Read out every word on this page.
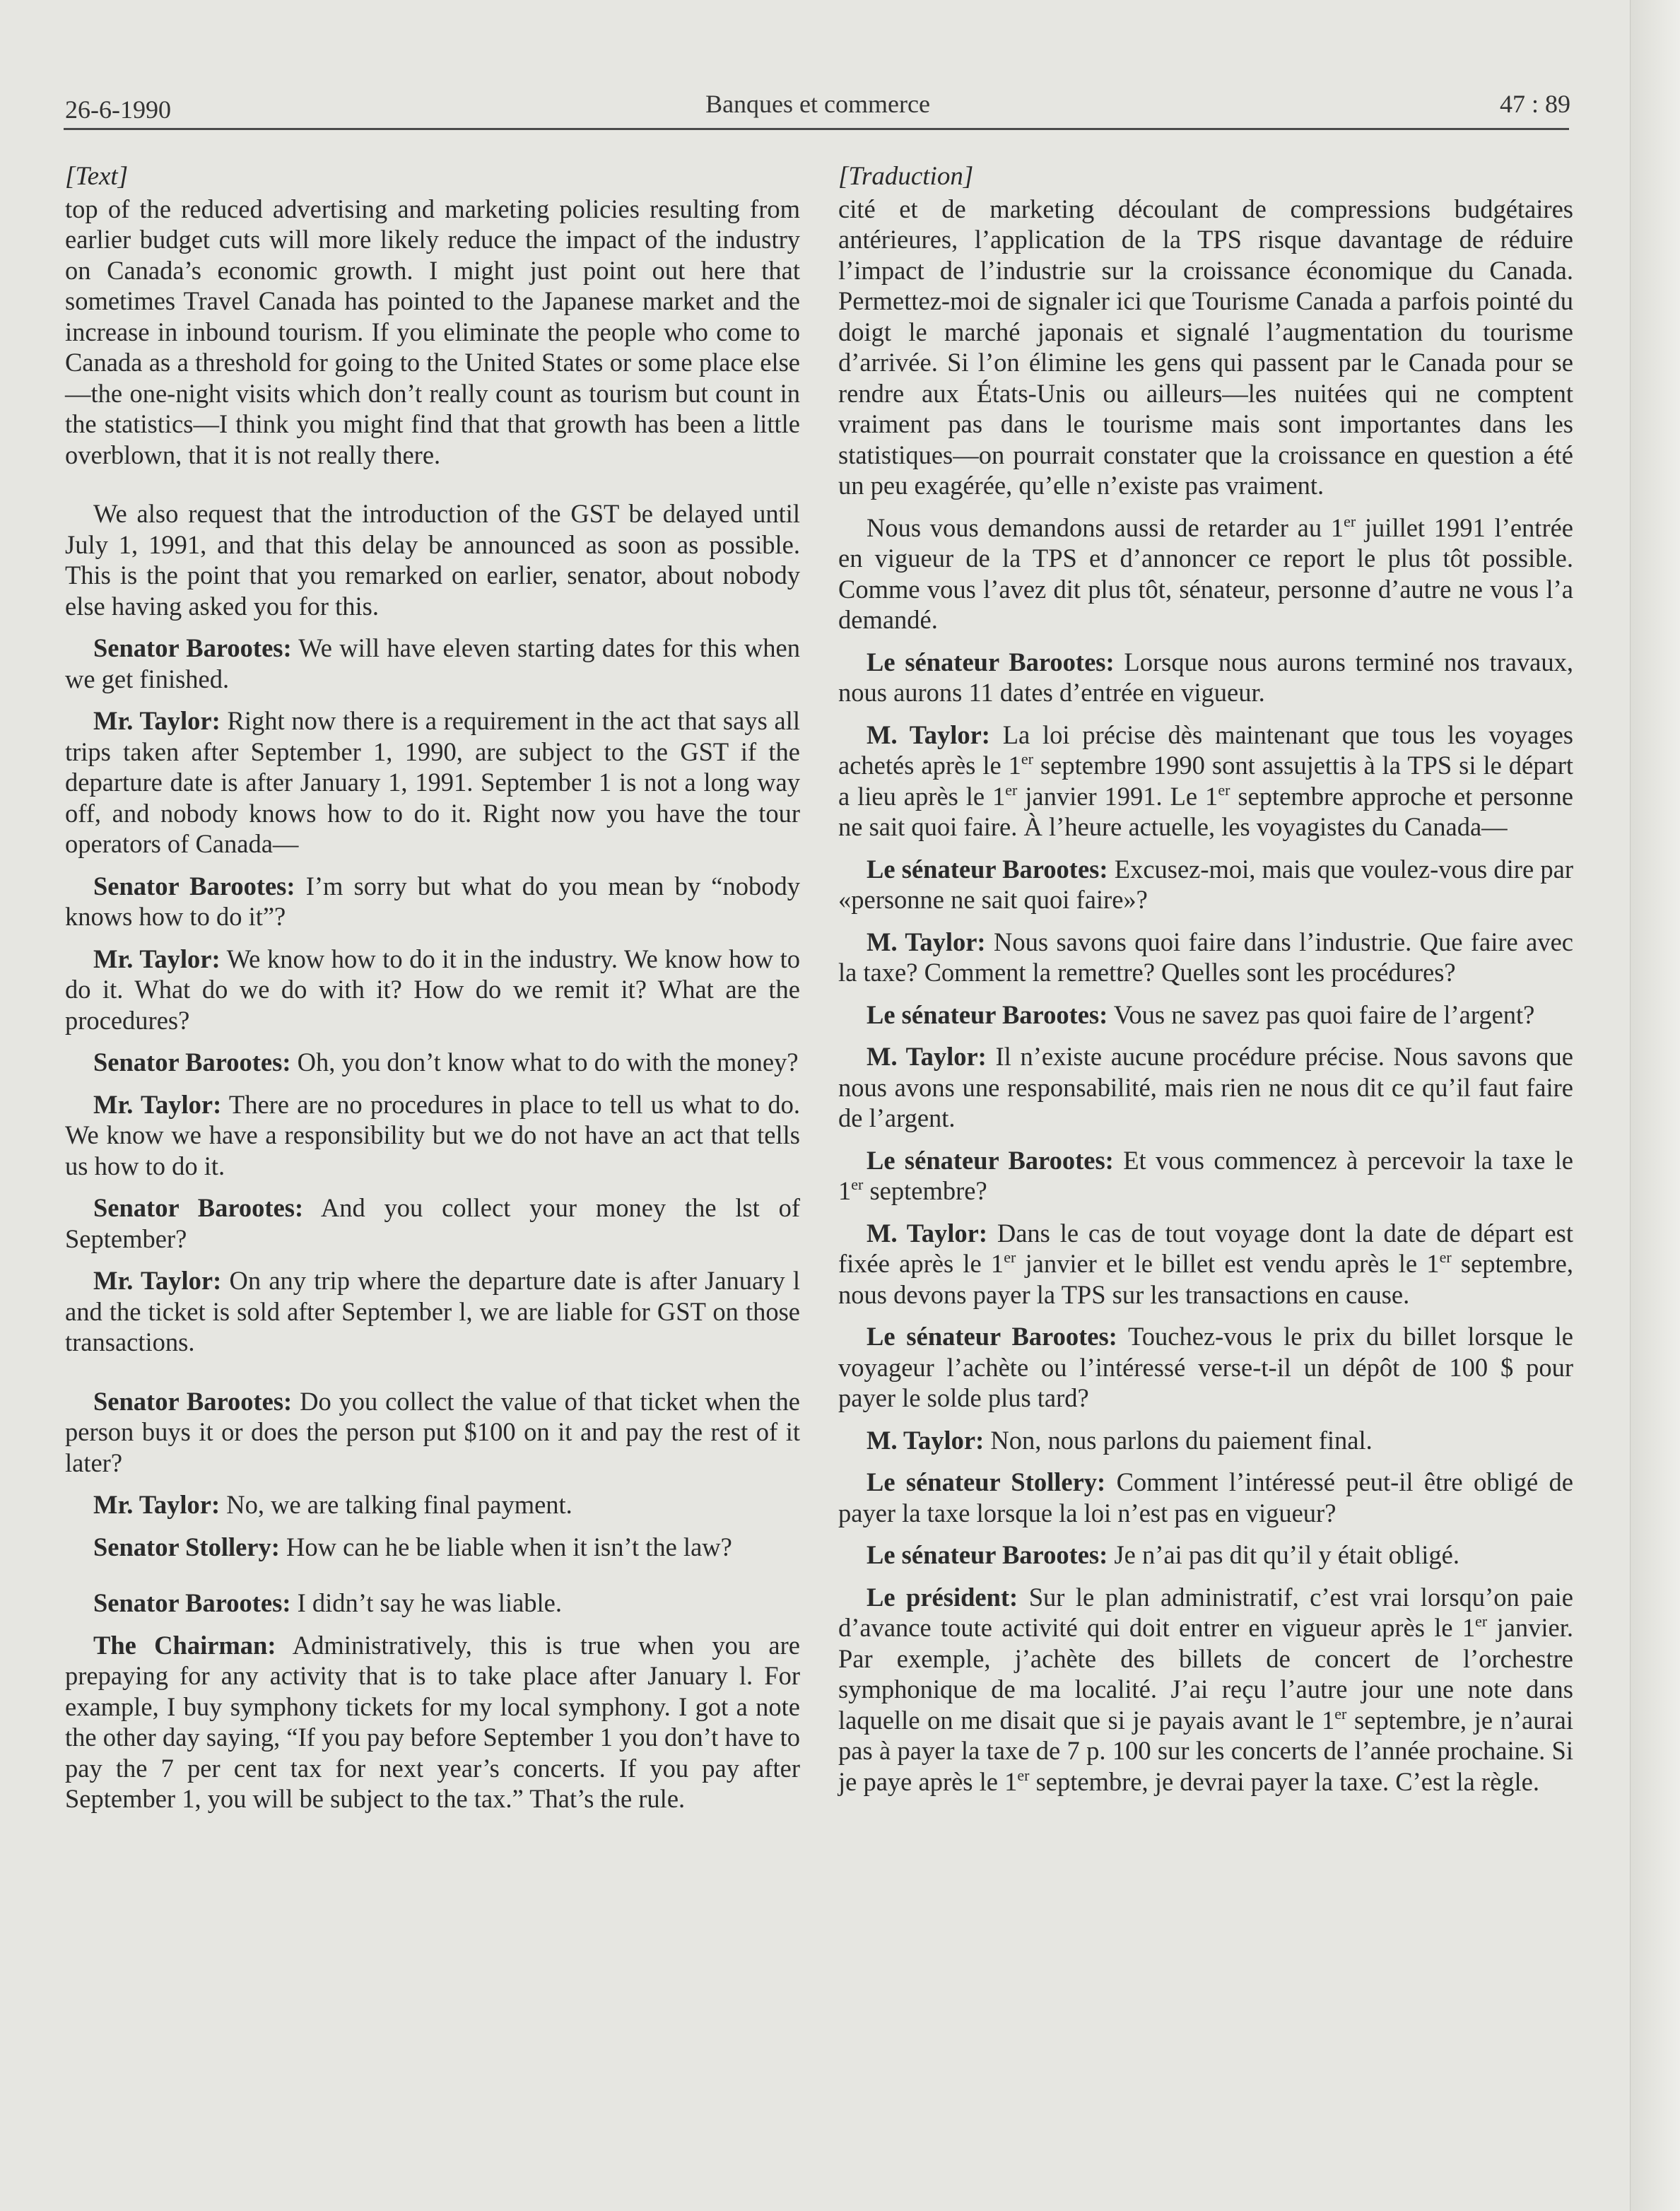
26-6-1990	Banques et commerce	47 : 89
[Text]

top of the reduced advertising and marketing policies resulting from earlier budget cuts will more likely reduce the impact of the industry on Canada’s economic growth. I might just point out here that sometimes Travel Canada has pointed to the Japanese market and the increase in inbound tourism. If you eliminate the people who come to Canada as a threshold for going to the United States or some place else—the one-night visits which don’t really count as tourism but count in the statistics—I think you might find that that growth has been a little overblown, that it is not really there.

We also request that the introduction of the GST be delayed until July 1, 1991, and that this delay be announced as soon as possible. This is the point that you remarked on earlier, senator, about nobody else having asked you for this.

Senator Barootes: We will have eleven starting dates for this when we get finished.

Mr. Taylor: Right now there is a requirement in the act that says all trips taken after September 1, 1990, are subject to the GST if the departure date is after January 1, 1991. September 1 is not a long way off, and nobody knows how to do it. Right now you have the tour operators of Canada—

Senator Barootes: I’m sorry but what do you mean by “nobody knows how to do it”?

Mr. Taylor: We know how to do it in the industry. We know how to do it. What do we do with it? How do we remit it? What are the procedures?

Senator Barootes: Oh, you don’t know what to do with the money?

Mr. Taylor: There are no procedures in place to tell us what to do. We know we have a responsibility but we do not have an act that tells us how to do it.

Senator Barootes: And you collect your money the lst of September?

Mr. Taylor: On any trip where the departure date is after January l and the ticket is sold after September l, we are liable for GST on those transactions.

Senator Barootes: Do you collect the value of that ticket when the person buys it or does the person put $100 on it and pay the rest of it later?

Mr. Taylor: No, we are talking final payment.

Senator Stollery: How can he be liable when it isn’t the law?

Senator Barootes: I didn’t say he was liable.

The Chairman: Administratively, this is true when you are prepaying for any activity that is to take place after January l. For example, I buy symphony tickets for my local symphony. I got a note the other day saying, “If you pay before September 1 you don’t have to pay the 7 per cent tax for next year’s concerts. If you pay after September 1, you will be subject to the tax.” That’s the rule.

[Traduction]

cité et de marketing découlant de compressions budgétaires antérieures, l’application de la TPS risque davantage de réduire l’impact de l’industrie sur la croissance économique du Canada. Permettez-moi de signaler ici que Tourisme Canada a parfois pointé du doigt le marché japonais et signalé l’augmentation du tourisme d’arrivée. Si l’on élimine les gens qui passent par le Canada pour se rendre aux États-Unis ou ailleurs—les nuitées qui ne comptent vraiment pas dans le tourisme mais sont importantes dans les statistiques—on pourrait constater que la croissance en question a été un peu exagérée, qu’elle n’existe pas vraiment.

Nous vous demandons aussi de retarder au 1er juillet 1991 l’entrée en vigueur de la TPS et d’annoncer ce report le plus tôt possible. Comme vous l’avez dit plus tôt, sénateur, personne d’autre ne vous l’a demandé.

Le sénateur Barootes: Lorsque nous aurons terminé nos travaux, nous aurons 11 dates d’entrée en vigueur.

M. Taylor: La loi précise dès maintenant que tous les voyages achetés après le 1er septembre 1990 sont assujettis à la TPS si le départ a lieu après le 1er janvier 1991. Le 1er septembre approche et personne ne sait quoi faire. À l’heure actuelle, les voyagistes du Canada—

Le sénateur Barootes: Excusez-moi, mais que voulez-vous dire par «personne ne sait quoi faire»?

M. Taylor: Nous savons quoi faire dans l’industrie. Que faire avec la taxe? Comment la remettre? Quelles sont les procédures?

Le sénateur Barootes: Vous ne savez pas quoi faire de l’argent?

M. Taylor: Il n’existe aucune procédure précise. Nous savons que nous avons une responsabilité, mais rien ne nous dit ce qu’il faut faire de l’argent.

Le sénateur Barootes: Et vous commencez à percevoir la taxe le 1er septembre?

M. Taylor: Dans le cas de tout voyage dont la date de départ est fixée après le 1er janvier et le billet est vendu après le 1er septembre, nous devons payer la TPS sur les transactions en cause.

Le sénateur Barootes: Touchez-vous le prix du billet lorsque le voyageur l’achète ou l’intéressé verse-t-il un dépôt de 100 $ pour payer le solde plus tard?

M. Taylor: Non, nous parlons du paiement final.

Le sénateur Stollery: Comment l’intéressé peut-il être obligé de payer la taxe lorsque la loi n’est pas en vigueur?

Le sénateur Barootes: Je n’ai pas dit qu’il y était obligé.

Le président: Sur le plan administratif, c’est vrai lorsqu’on paie d’avance toute activité qui doit entrer en vigueur après le 1er janvier. Par exemple, j’achète des billets de concert de l’orchestre symphonique de ma localité. J’ai reçu l’autre jour une note dans laquelle on me disait que si je payais avant le 1er septembre, je n’aurai pas à payer la taxe de 7 p. 100 sur les concerts de l’année prochaine. Si je paye après le 1er septembre, je devrai payer la taxe. C’est la règle.
